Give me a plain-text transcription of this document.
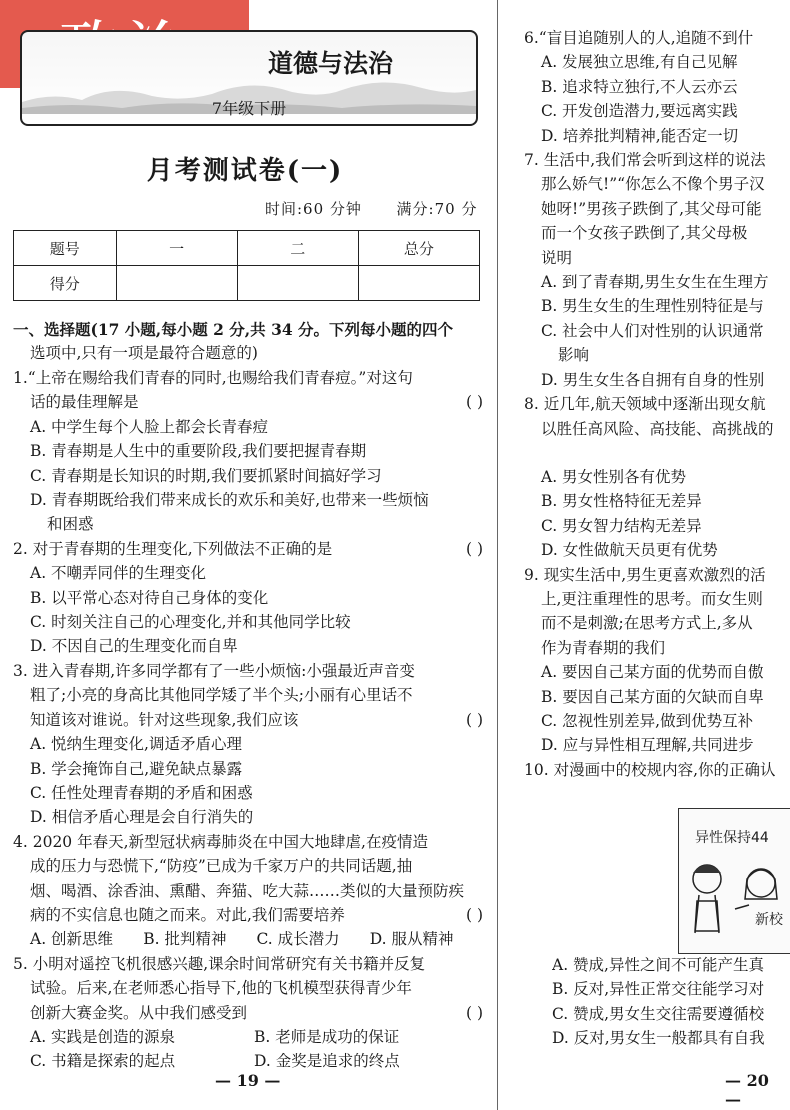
道德与法治
7年级下册
月考测试卷(一)
时间:60 分钟 满分:70 分
题号	一	二	总分
得分			
一、选择题(17 小题,每小题 2 分,共 34 分。下列每小题的四个
选项中,只有一项是最符合题意的)
1.“上帝在赐给我们青春的同时,也赐给我们青春痘。”对这句
话的最佳理解是	( )
A. 中学生每个人脸上都会长青春痘
B. 青春期是人生中的重要阶段,我们要把握青春期
C. 青春期是长知识的时期,我们要抓紧时间搞好学习
D. 青春期既给我们带来成长的欢乐和美好,也带来一些烦恼
和困惑
2. 对于青春期的生理变化,下列做法不正确的是	( )
A. 不嘲弄同伴的生理变化
B. 以平常心态对待自己身体的变化
C. 时刻关注自己的心理变化,并和其他同学比较
D. 不因自己的生理变化而自卑
3. 进入青春期,许多同学都有了一些小烦恼:小强最近声音变
粗了;小亮的身高比其他同学矮了半个头;小丽有心里话不
知道该对谁说。针对这些现象,我们应该	( )
A. 悦纳生理变化,调适矛盾心理
B. 学会掩饰自己,避免缺点暴露
C. 任性处理青春期的矛盾和困惑
D. 相信矛盾心理是会自行消失的
4. 2020 年春天,新型冠状病毒肺炎在中国大地肆虐,在疫情造
成的压力与恐慌下,“防疫”已成为千家万户的共同话题,抽
烟、喝酒、涂香油、熏醋、奔猫、吃大蒜……类似的大量预防疾
病的不实信息也随之而来。对此,我们需要培养	( )
A. 创新思维	B. 批判精神	C. 成长潜力	D. 服从精神
5. 小明对遥控飞机很感兴趣,课余时间常研究有关书籍并反复
试验。后来,在老师悉心指导下,他的飞机模型获得青少年
创新大赛金奖。从中我们感受到	( )
A. 实践是创造的源泉	B. 老师是成功的保证
C. 书籍是探索的起点	D. 金奖是追求的终点
6.“盲目追随别人的人,追随不到什
A. 发展独立思维,有自己见解
B. 追求特立独行,不人云亦云
C. 开发创造潜力,要远离实践
D. 培养批判精神,能否定一切
7. 生活中,我们常会听到这样的说法
那么娇气!”“你怎么不像个男子汉
她呀!”男孩子跌倒了,其父母可能
而一个女孩子跌倒了,其父母极
说明
A. 到了青春期,男生女生在生理方
B. 男生女生的生理性别特征是与
C. 社会中人们对性别的认识通常
影响
D. 男生女生各自拥有自身的性别
8. 近几年,航天领域中逐渐出现女航
以胜任高风险、高技能、高挑战的
A. 男女性别各有优势
B. 男女性格特征无差异
C. 男女智力结构无差异
D. 女性做航天员更有优势
9. 现实生活中,男生更喜欢激烈的活
上,更注重理性的思考。而女生则
而不是刺激;在思考方式上,多从
作为青春期的我们
A. 要因自己某方面的优势而自傲
B. 要因自己某方面的欠缺而自卑
C. 忽视性别差异,做到优势互补
D. 应与异性相互理解,共同进步
10. 对漫画中的校规内容,你的正确认
异性保持44
新校
A. 赞成,异性之间不可能产生真
B. 反对,异性正常交往能学习对
C. 赞成,男女生交往需要遵循校
D. 反对,男女生一般都具有自我
— 19 —	— 20 —
